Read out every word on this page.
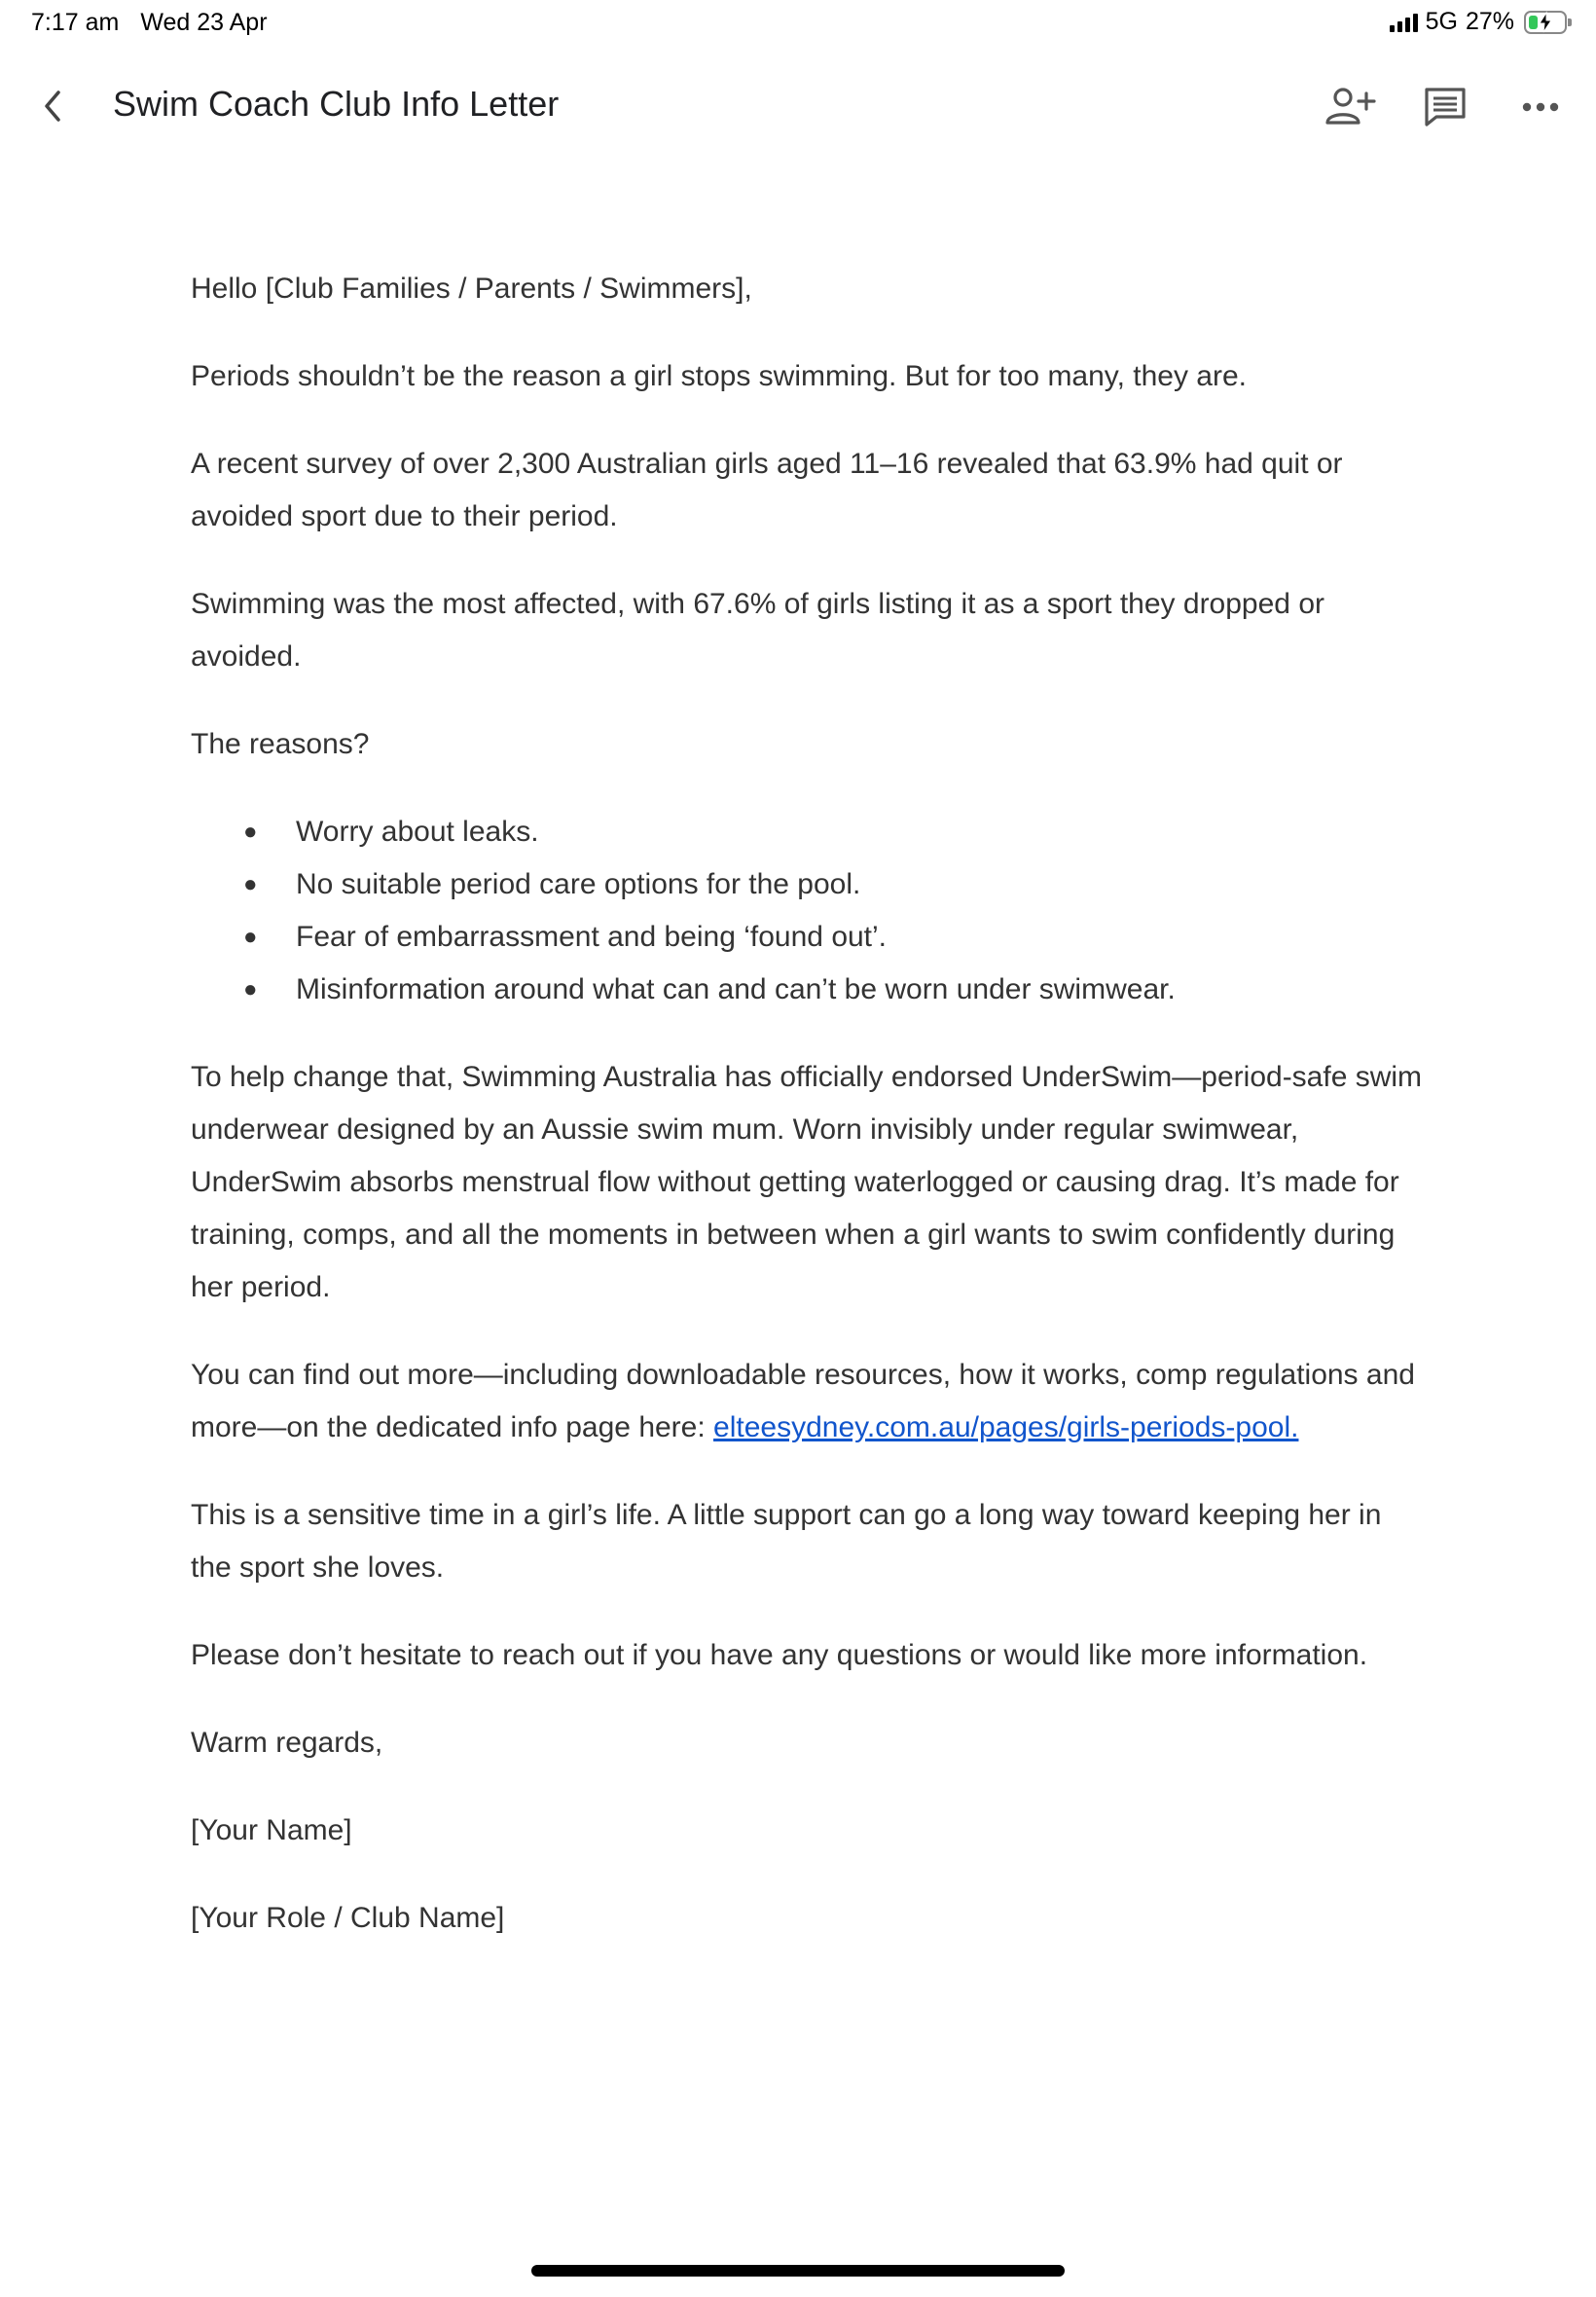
7:17 am Wed 23 Apr	5G 27%
Swim Coach Club Info Letter

Hello [Club Families / Parents / Swimmers],

Periods shouldn’t be the reason a girl stops swimming. But for too many, they are.

A recent survey of over 2,300 Australian girls aged 11–16 revealed that 63.9% had quit or avoided sport due to their period.

Swimming was the most affected, with 67.6% of girls listing it as a sport they dropped or avoided.

The reasons?

● Worry about leaks.
● No suitable period care options for the pool.
● Fear of embarrassment and being ‘found out’.
● Misinformation around what can and can’t be worn under swimwear.

To help change that, Swimming Australia has officially endorsed UnderSwim—period-safe swim underwear designed by an Aussie swim mum. Worn invisibly under regular swimwear, UnderSwim absorbs menstrual flow without getting waterlogged or causing drag. It’s made for training, comps, and all the moments in between when a girl wants to swim confidently during her period.

You can find out more—including downloadable resources, how it works, comp regulations and more—on the dedicated info page here: elteesydney.com.au/pages/girls-periods-pool.

This is a sensitive time in a girl’s life. A little support can go a long way toward keeping her in the sport she loves.

Please don’t hesitate to reach out if you have any questions or would like more information.

Warm regards,

[Your Name]

[Your Role / Club Name]
